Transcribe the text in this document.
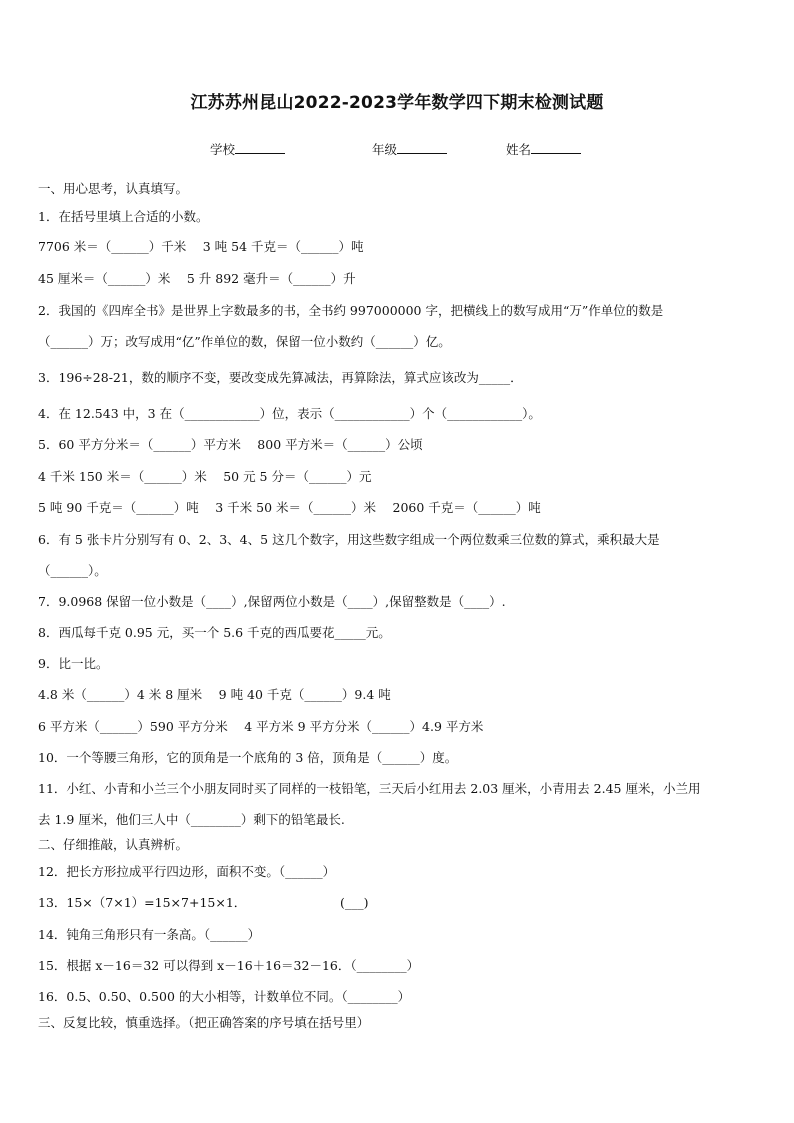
江苏苏州昆山2022-2023学年数学四下期末检测试题
学校	年级	姓名
一、用心思考，认真填写。
1．在括号里填上合适的小数。
7706 米＝（______）千米　 3 吨 54 千克＝（______）吨
45 厘米＝（______）米　 5 升 892 毫升＝（______）升
2．我国的《四库全书》是世界上字数最多的书，全书约 997000000 字，把横线上的数写成用“万”作单位的数是
（______）万；改写成用“亿”作单位的数，保留一位小数约（______）亿。
3．196÷28-21，数的顺序不变，要改变成先算减法，再算除法，算式应该改为_____．
4．在 12.543 中，3 在（____________）位，表示（____________）个（____________）。
5．60 平方分米＝（______）平方米　 800 平方米＝（______）公顷
4 千米 150 米＝（______）米　 50 元 5 分＝（______）元
5 吨 90 千克＝（______）吨　 3 千米 50 米＝（______）米　 2060 千克＝（______）吨
6．有 5 张卡片分别写有 0、2、3、4、5 这几个数字，用这些数字组成一个两位数乘三位数的算式，乘积最大是
（______）。
7．9.0968 保留一位小数是（____）,保留两位小数是（____）,保留整数是（____）.
8．西瓜每千克 0.95 元，买一个 5.6 千克的西瓜要花_____元。
9．比一比。
4.8 米（______）4 米 8 厘米　 9 吨 40 千克（______）9.4 吨
6 平方米（______）590 平方分米　 4 平方米 9 平方分米（______）4.9 平方米
10．一个等腰三角形，它的顶角是一个底角的 3 倍，顶角是（______）度。
11．小红、小青和小兰三个小朋友同时买了同样的一枝铅笔，三天后小红用去 2.03 厘米，小青用去 2.45 厘米，小兰用
去 1.9 厘米，他们三人中（________）剩下的铅笔最长.
二、仔细推敲，认真辨析。
12．把长方形拉成平行四边形，面积不变。（______）
13．15×（7×1）=15×7+15×1．　　　　　　　　(___)
14．钝角三角形只有一条高。（______）
15．根据 x－16＝32 可以得到 x－16＋16＝32－16．（________）
16．0.5、0.50、0.500 的大小相等，计数单位不同。（________）
三、反复比较，慎重选择。（把正确答案的序号填在括号里）
